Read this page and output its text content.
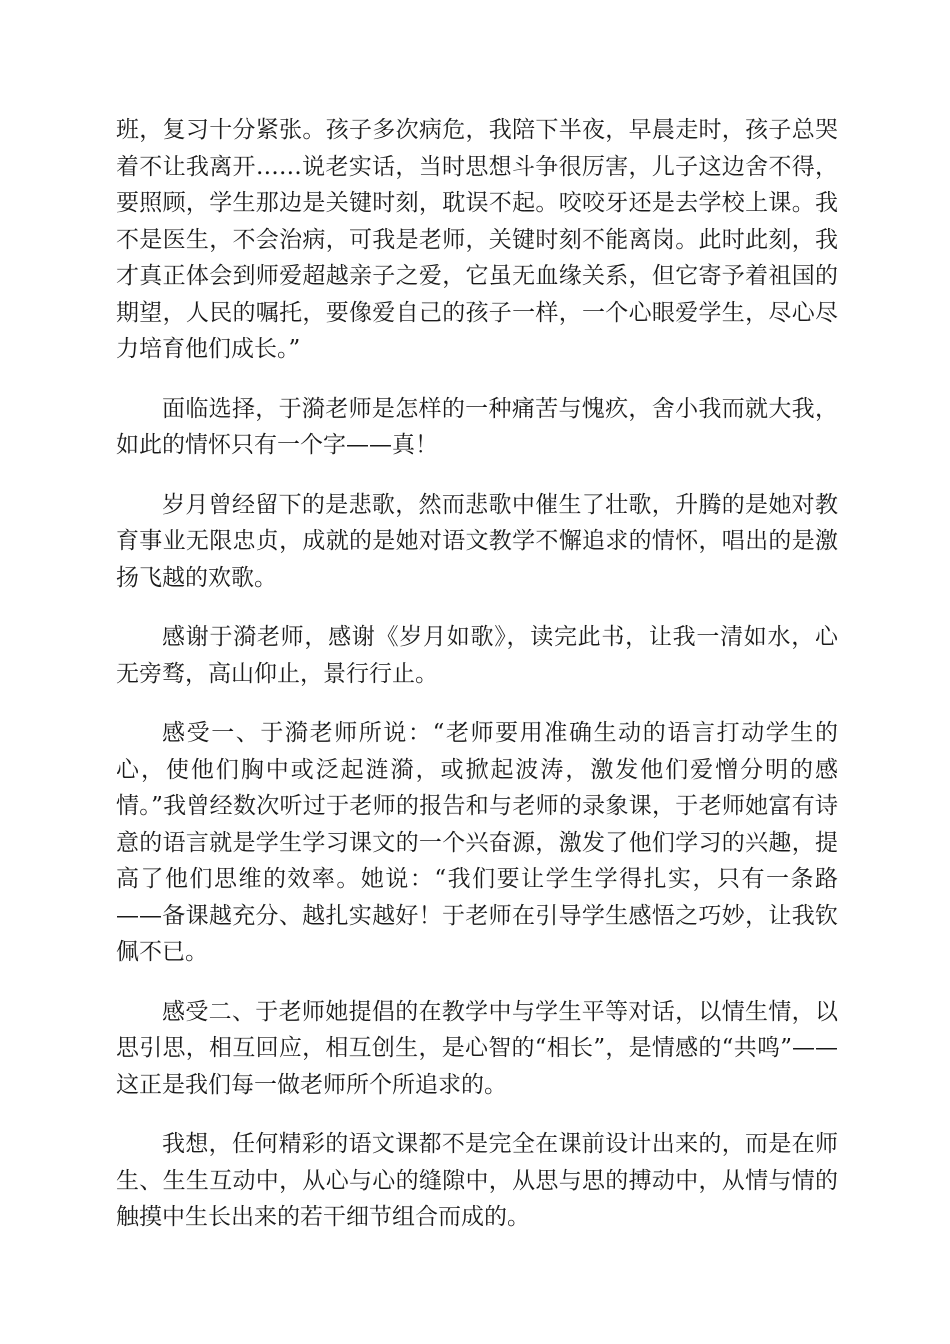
班，复习十分紧张。孩子多次病危，我陪下半夜，早晨走时，孩子总哭着不让我离开……说老实话，当时思想斗争很厉害，儿子这边舍不得，要照顾，学生那边是关键时刻，耽误不起。咬咬牙还是去学校上课。我不是医生，不会治病，可我是老师，关键时刻不能离岗。此时此刻，我才真正体会到师爱超越亲子之爱，它虽无血缘关系，但它寄予着祖国的期望，人民的嘱托，要像爱自己的孩子一样，一个心眼爱学生，尽心尽力培育他们成长。”

面临选择，于漪老师是怎样的一种痛苦与愧疚，舍小我而就大我，如此的情怀只有一个字——真！

岁月曾经留下的是悲歌，然而悲歌中催生了壮歌，升腾的是她对教育事业无限忠贞，成就的是她对语文教学不懈追求的情怀，唱出的是激扬飞越的欢歌。

感谢于漪老师，感谢《岁月如歌》，读完此书，让我一清如水，心无旁骛，高山仰止，景行行止。

感受一、于漪老师所说：“老师要用准确生动的语言打动学生的心，使他们胸中或泛起涟漪，或掀起波涛，激发他们爱憎分明的感情。”我曾经数次听过于老师的报告和与老师的录象课，于老师她富有诗意的语言就是学生学习课文的一个兴奋源，激发了他们学习的兴趣，提高了他们思维的效率。她说：“我们要让学生学得扎实，只有一条路——备课越充分、越扎实越好！于老师在引导学生感悟之巧妙，让我钦佩不已。

感受二、于老师她提倡的在教学中与学生平等对话，以情生情，以思引思，相互回应，相互创生，是心智的“相长”，是情感的“共鸣”——这正是我们每一做老师所个所追求的。

我想，任何精彩的语文课都不是完全在课前设计出来的，而是在师生、生生互动中，从心与心的缝隙中，从思与思的搏动中，从情与情的触摸中生长出来的若干细节组合而成的。
